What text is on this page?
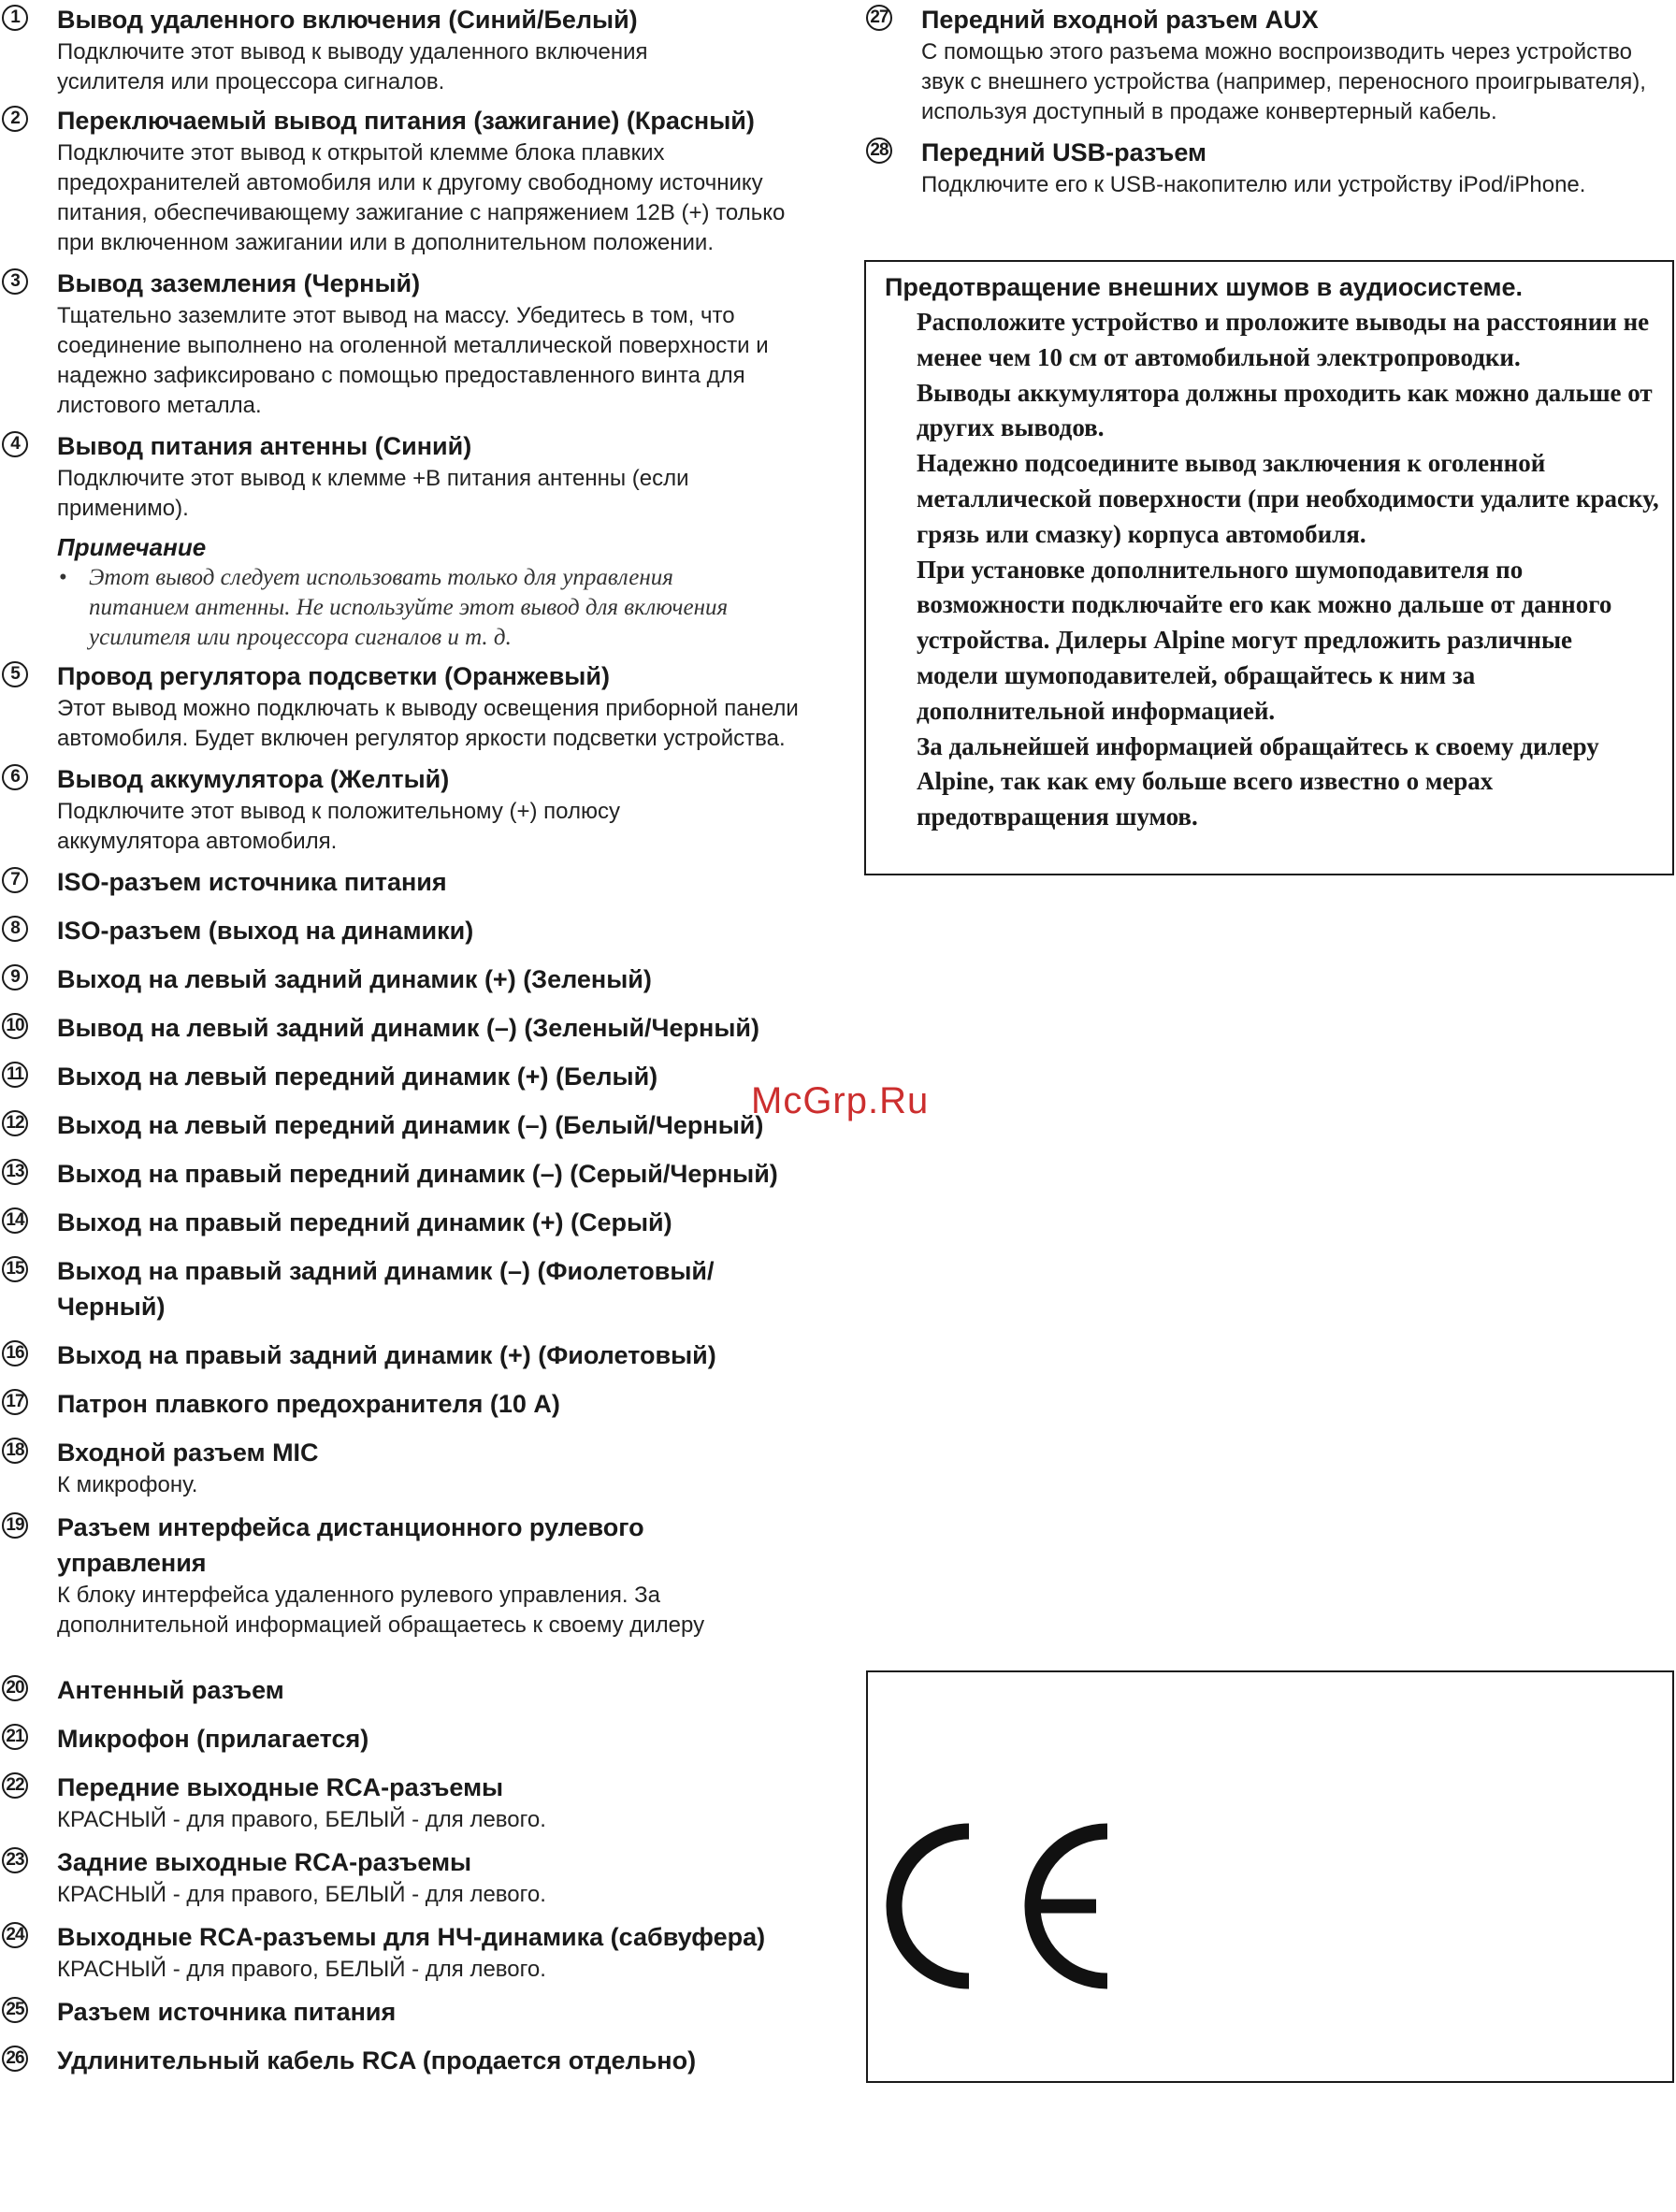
1	Вывод удаленного включения (Синий/Белый)
Подключите этот вывод к выводу удаленного включения усилителя или процессора сигналов.
2	Переключаемый вывод питания (зажигание) (Красный)
Подключите этот вывод к открытой клемме блока плавких предохранителей автомобиля или к другому свободному источнику питания, обеспечивающему зажигание с напряжением 12В (+) только при включенном зажигании или в дополнительном положении.
3	Вывод заземления (Черный)
Тщательно заземлите этот вывод на массу. Убедитесь в том, что соединение выполнено на оголенной металлической поверхности и надежно зафиксировано с помощью предоставленного винта для листового металла.
4	Вывод питания антенны (Синий)
Подключите этот вывод к клемме +B питания антенны (если применимо).
Примечание
• Этот вывод следует использовать только для управления питанием антенны. Не используйте этот вывод для включения усилителя или процессора сигналов и т. д.
5	Провод регулятора подсветки (Оранжевый)
Этот вывод можно подключать к выводу освещения приборной панели автомобиля. Будет включен регулятор яркости подсветки устройства.
6	Вывод аккумулятора (Желтый)
Подключите этот вывод к положительному (+) полюсу аккумулятора автомобиля.
7	ISO-разъем источника питания
8	ISO-разъем (выход на динамики)
9	Выход на левый задний динамик (+) (Зеленый)
10 Вывод на левый задний динамик (–) (Зеленый/Черный)
11 Выход на левый передний динамик (+) (Белый)
12 Выход на левый передний динамик (–) (Белый/Черный)
13 Выход на правый передний динамик (–) (Серый/Черный)
14 Выход на правый передний динамик (+) (Серый)
15 Выход на правый задний динамик (–) (Фиолетовый/ Черный)
16 Выход на правый задний динамик (+) (Фиолетовый)
17 Патрон плавкого предохранителя (10 A)
18 Входной разъем MIC
К микрофону.
19 Разъем интерфейса дистанционного рулевого управления
К блоку интерфейса удаленного рулевого управления. За дополнительной информацией обращаетесь к своему дилеру
20 Антенный разъем
21 Микрофон (прилагается)
22 Передние выходные RCA-разъемы
КРАСНЫЙ - для правого, БЕЛЫЙ - для левого.
23 Задние выходные RCA-разъемы
КРАСНЫЙ - для правого, БЕЛЫЙ - для левого.
24 Выходные RCA-разъемы для НЧ-динамика (сабвуфера)
КРАСНЫЙ - для правого, БЕЛЫЙ - для левого.
25 Разъем источника питания
26 Удлинительный кабель RCA (продается отдельно)
27 Передний входной разъем AUX
С помощью этого разъема можно воспроизводить через устройство звук с внешнего устройства (например, переносного проигрывателя), используя доступный в продаже конвертерный кабель.
28 Передний USB-разъем
Подключите его к USB-накопителю или устройству iPod/iPhone.
Предотвращение внешних шумов в аудиосистеме.
Расположите устройство и проложите выводы на расстоянии не менее чем 10 см от автомобильной электропроводки.
Выводы аккумулятора должны проходить как можно дальше от других выводов.
Надежно подсоедините вывод заключения к оголенной металлической поверхности (при необходимости удалите краску, грязь или смазку) корпуса автомобиля.
При установке дополнительного шумоподавителя по возможности подключайте его как можно дальше от данного устройства. Дилеры Alpine могут предложить различные модели шумоподавителей, обращайтесь к ним за дополнительной информацией.
За дальнейшей информацией обращайтесь к своему дилеру Alpine, так как ему больше всего известно о мерах предотвращения шумов.
McGrp.Ru
